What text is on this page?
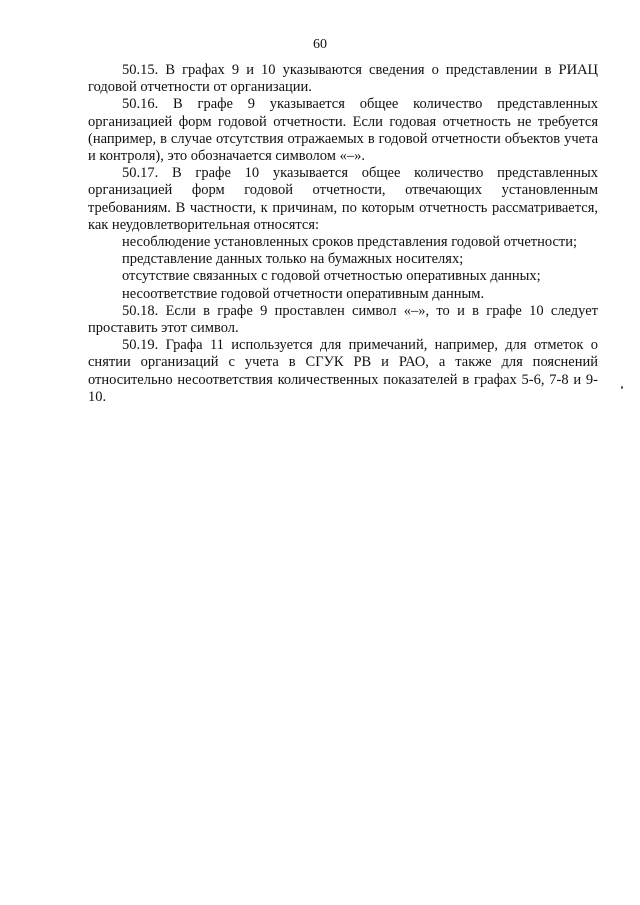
60

50.15. В графах 9 и 10 указываются сведения о представлении в РИАЦ годовой отчетности от организации.

50.16. В графе 9 указывается общее количество представленных организацией форм годовой отчетности. Если годовая отчетность не требуется (например, в случае отсутствия отражаемых в годовой отчетности объектов учета и контроля), это обозначается символом «–».

50.17. В графе 10 указывается общее количество представленных организацией форм годовой отчетности, отвечающих установленным требованиям. В частности, к причинам, по которым отчетность рассматривается, как неудовлетворительная относятся:

несоблюдение установленных сроков представления годовой отчетности;

представление данных только на бумажных носителях;

отсутствие связанных с годовой отчетностью оперативных данных;

несоответствие годовой отчетности оперативным данным.

50.18. Если в графе 9 проставлен символ «–», то и в графе 10 следует проставить этот символ.

50.19. Графа 11 используется для примечаний, например, для отметок о снятии организаций с учета в СГУК РВ и РАО, а также для пояснений относительно несоответствия количественных показателей в графах 5-6, 7-8 и 9-10.
